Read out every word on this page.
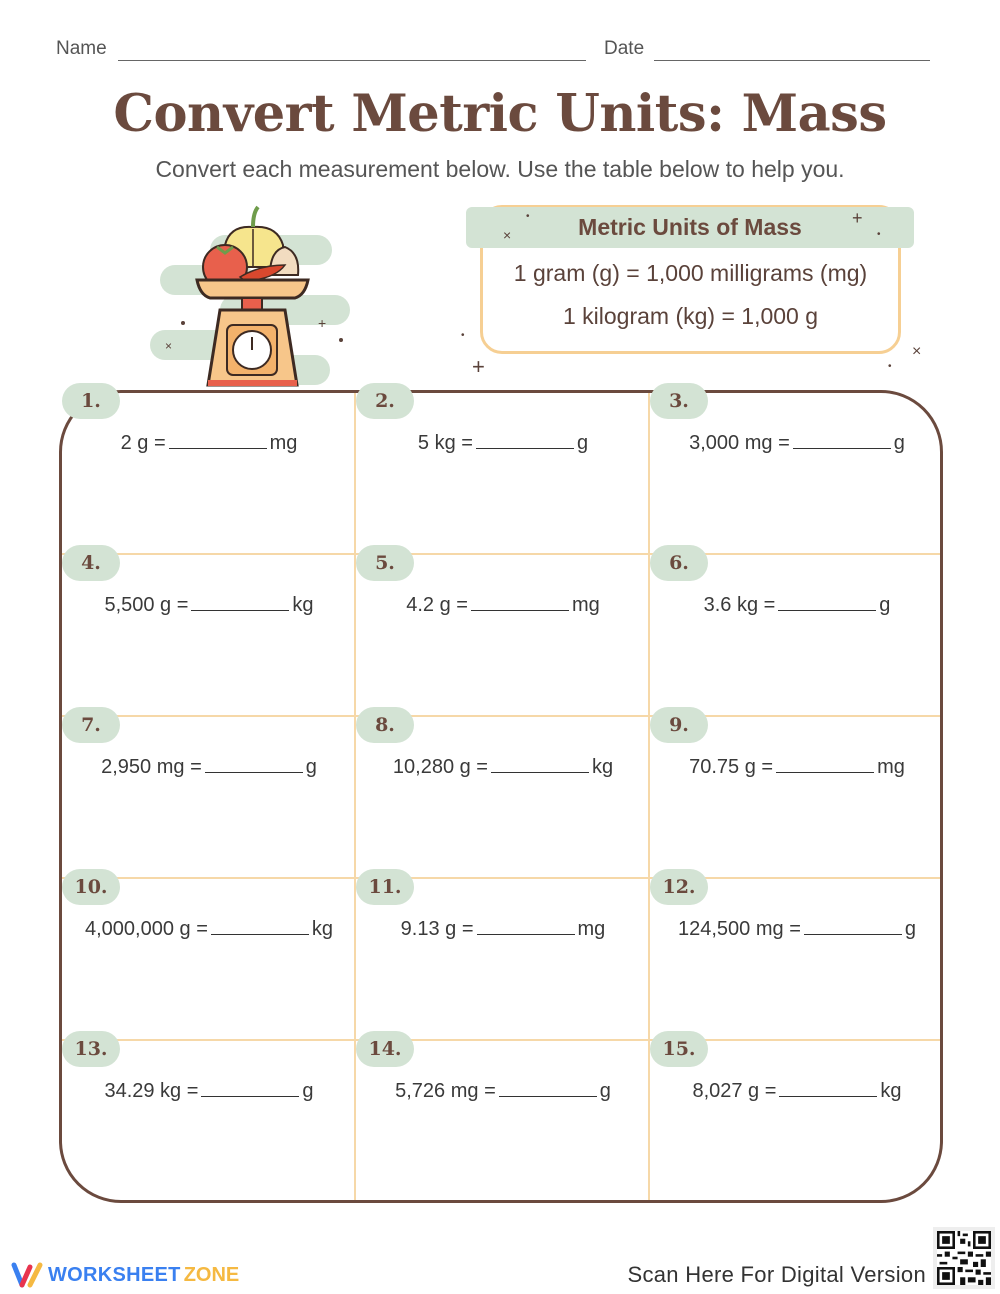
Name	Date
Convert Metric Units: Mass
Convert each measurement below. Use the table below to help you.
×
+
Metric Units of Mass
1 gram (g) = 1,000 milligrams (mg)
1 kilogram (kg) = 1,000 g
×
•	+
•
•
+
×
•
1.
2 g =	mg
2.
5 kg =	g
3.
3,000 mg =	g
4.
5,500 g =	kg
5.
4.2 g =	mg
6.
3.6 kg =	g
7.
2,950 mg =	g
8.
10,280 g =	kg
9.
70.75 g =	mg
10.
4,000,000 g =	kg
11.
9.13 g =	mg
12.
124,500 mg =	g
13.
34.29 kg =	g
14.
5,726 mg =	g
15.
8,027 g =	kg
WORKSHEET ZONE	Scan Here For Digital Version
